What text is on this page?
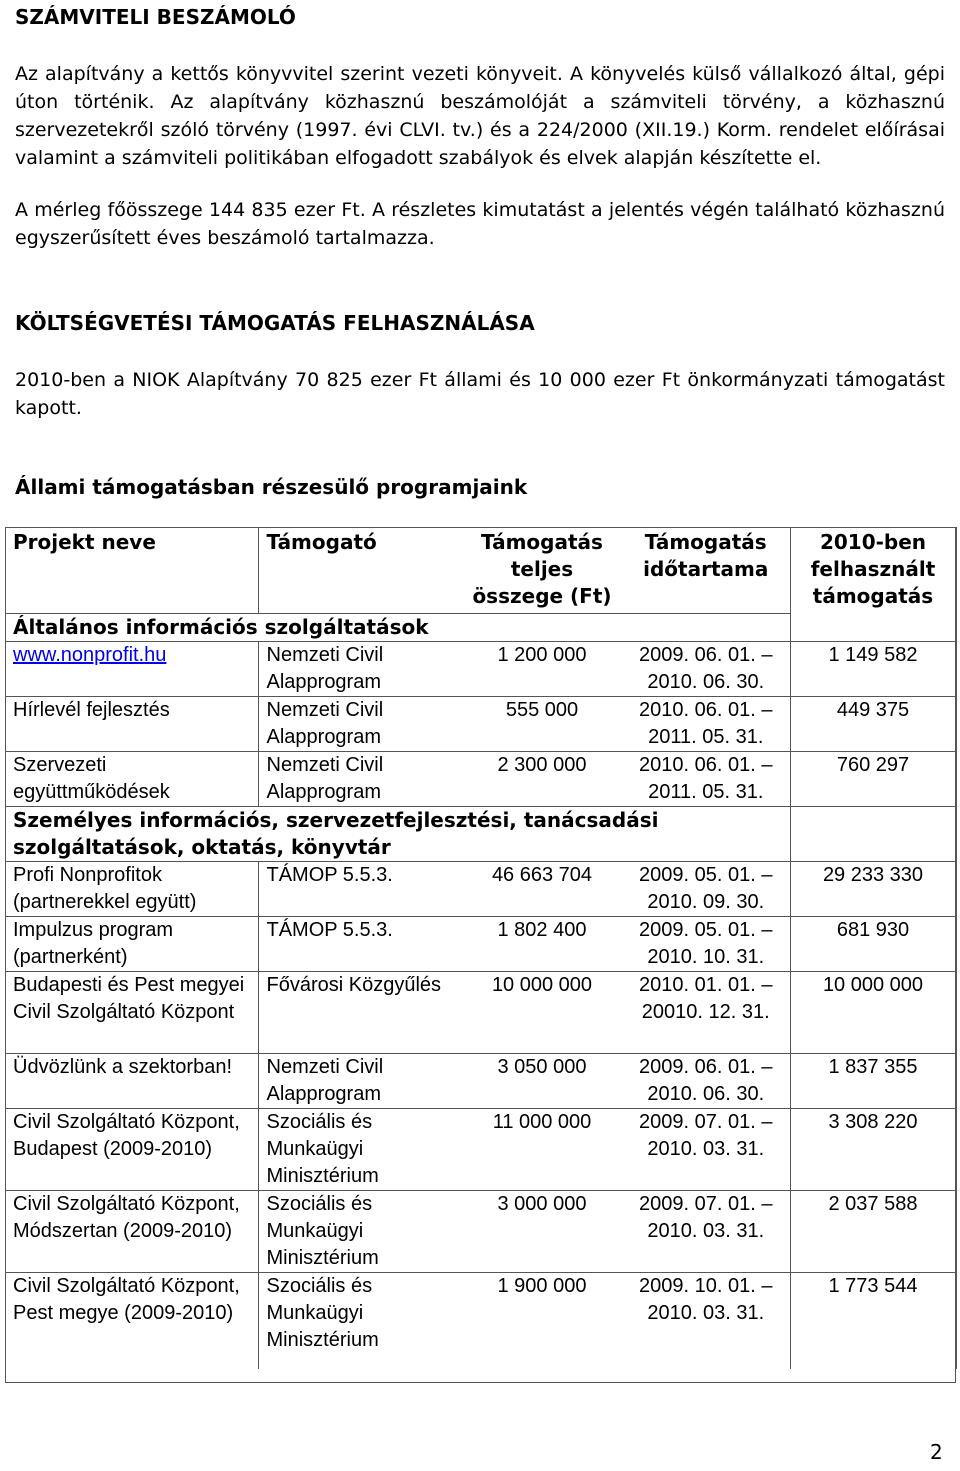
SZÁMVITELI BESZÁMOLÓ

Az alapítvány a kettős könyvvitel szerint vezeti könyveit. A könyvelés külső vállalkozó által, gépi úton történik. Az alapítvány közhasznú beszámolóját a számviteli törvény, a közhasznú szervezetekről szóló törvény (1997. évi CLVI. tv.) és a 224/2000 (XII.19.) Korm. rendelet előírásai valamint a számviteli politikában elfogadott szabályok és elvek alapján készítette el.

A mérleg főösszege 144 835 ezer Ft. A részletes kimutatást a jelentés végén található közhasznú egyszerűsített éves beszámoló tartalmazza.

KÖLTSÉGVETÉSI TÁMOGATÁS FELHASZNÁLÁSA

2010-ben a NIOK Alapítvány 70 825 ezer Ft állami és 10 000 ezer Ft önkormányzati támogatást kapott.

Állami támogatásban részesülő programjaink
Projekt neve	Támogató	Támogatás teljes összege (Ft)	Támogatás időtartama	2010-ben felhasznált támogatás
Általános információs szolgáltatások				
www.nonprofit.hu	Nemzeti Civil Alapprogram	1 200 000	2009. 06. 01. – 2010. 06. 30.	1 149 582
Hírlevél fejlesztés	Nemzeti Civil Alapprogram	555 000	2010. 06. 01. – 2011. 05. 31.	449 375
Szervezeti együttműködések	Nemzeti Civil Alapprogram	2 300 000	2010. 06. 01. – 2011. 05. 31.	760 297
Személyes információs, szervezetfejlesztési, tanácsadási szolgáltatások, oktatás, könyvtár				
Profi Nonprofitok (partnerekkel együtt)	TÁMOP 5.5.3.	46 663 704	2009. 05. 01. – 2010. 09. 30.	29 233 330
Impulzus program (partnerként)	TÁMOP 5.5.3.	1 802 400	2009. 05. 01. – 2010. 10. 31.	681 930
Budapesti és Pest megyei Civil Szolgáltató Központ	Fővárosi Közgyűlés	10 000 000	2010. 01. 01. – 20010. 12. 31.	10 000 000
Üdvözlünk a szektorban!	Nemzeti Civil Alapprogram	3 050 000	2009. 06. 01. – 2010. 06. 30.	1 837 355
Civil Szolgáltató Központ, Budapest (2009-2010)	Szociális és Munkaügyi Minisztérium	11 000 000	2009. 07. 01. – 2010. 03. 31.	3 308 220
Civil Szolgáltató Központ, Módszertan (2009-2010)	Szociális és Munkaügyi Minisztérium	3 000 000	2009. 07. 01. – 2010. 03. 31.	2 037 588
Civil Szolgáltató Központ, Pest megye (2009-2010)	Szociális és Munkaügyi Minisztérium	1 900 000	2009. 10. 01. – 2010. 03. 31.	1 773 544

2
